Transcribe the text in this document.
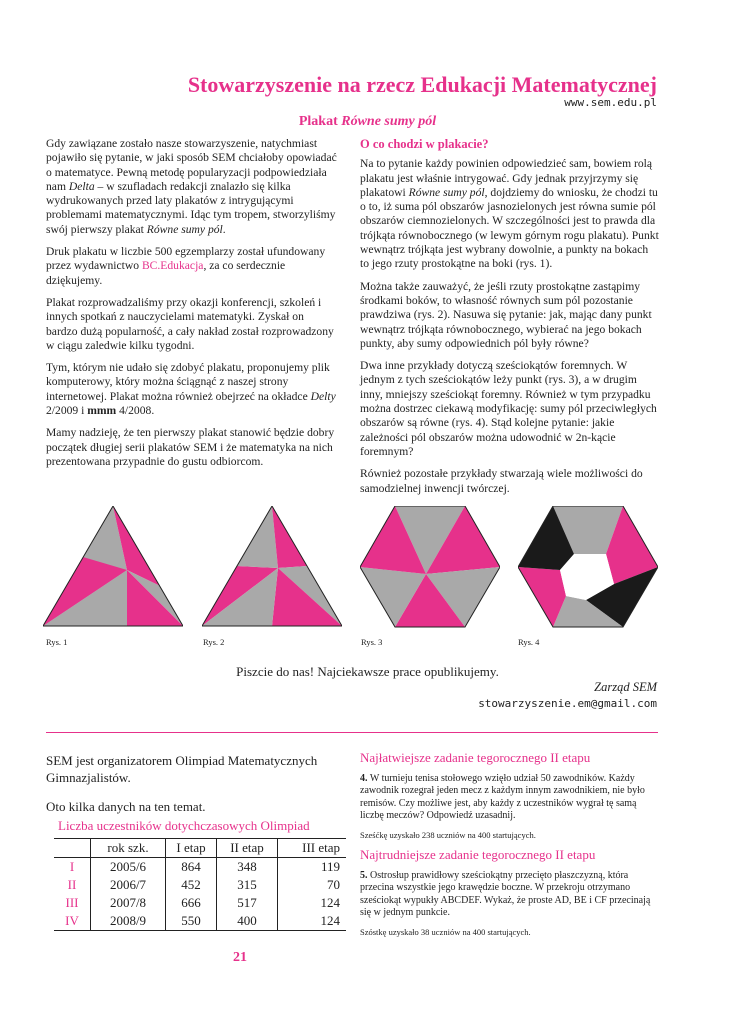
Stowarzyszenie na rzecz Edukacji Matematycznej
www.sem.edu.pl
Plakat Równe sumy pól

Gdy zawiązane zostało nasze stowarzyszenie, natychmiast pojawiło się pytanie, w jaki sposób SEM chciałoby opowiadać o matematyce. Pewną metodę popularyzacji podpowiedziała nam Delta – w szufladach redakcji znalazło się kilka wydrukowanych przed laty plakatów z intrygującymi problemami matematycznymi. Idąc tym tropem, stworzyliśmy swój pierwszy plakat Równe sumy pól.

Druk plakatu w liczbie 500 egzemplarzy został ufundowany przez wydawnictwo BC.Edukacja, za co serdecznie dziękujemy.

Plakat rozprowadzaliśmy przy okazji konferencji, szkoleń i innych spotkań z nauczycielami matematyki. Zyskał on bardzo dużą popularność, a cały nakład został rozprowadzony w ciągu zaledwie kilku tygodni.

Tym, którym nie udało się zdobyć plakatu, proponujemy plik komputerowy, który można ściągnąć z naszej strony internetowej. Plakat można również obejrzeć na okładce Delty 2/2009 i mmm 4/2008.

Mamy nadzieję, że ten pierwszy plakat stanowić będzie dobry początek długiej serii plakatów SEM i że matematyka na nich prezentowana przypadnie do gustu odbiorcom.

O co chodzi w plakacie?

Na to pytanie każdy powinien odpowiedzieć sam, bowiem rolą plakatu jest właśnie intrygować. Gdy jednak przyjrzymy się plakatowi Równe sumy pól, dojdziemy do wniosku, że chodzi tu o to, iż suma pól obszarów jasnozielonych jest równa sumie pól obszarów ciemnozielonych. W szczególności jest to prawda dla trójkąta równobocznego (w lewym górnym rogu plakatu). Punkt wewnątrz trójkąta jest wybrany dowolnie, a punkty na bokach to jego rzuty prostokątne na boki (rys. 1).

Można także zauważyć, że jeśli rzuty prostokątne zastąpimy środkami boków, to własność równych sum pól pozostanie prawdziwa (rys. 2). Nasuwa się pytanie: jak, mając dany punkt wewnątrz trójkąta równobocznego, wybierać na jego bokach punkty, aby sumy odpowiednich pól były równe?

Dwa inne przykłady dotyczą sześciokątów foremnych. W jednym z tych sześciokątów leży punkt (rys. 3), a w drugim inny, mniejszy sześciokąt foremny. Również w tym przypadku można dostrzec ciekawą modyfikację: sumy pól przeciwległych obszarów są równe (rys. 4). Stąd kolejne pytanie: jakie zależności pól obszarów można udowodnić w 2n-kącie foremnym?

Również pozostałe przykłady stwarzają wiele możliwości do samodzielnej inwencji twórczej.

Rys. 1	Rys. 2	Rys. 3	Rys. 4
Piszcie do nas! Najciekawsze prace opublikujemy.
Zarząd SEM
stowarzyszenie.em@gmail.com

SEM jest organizatorem Olimpiad Matematycznych Gimnazjalistów.

Oto kilka danych na ten temat.

Liczba uczestników dotychczasowych Olimpiad
	rok szk.	I etap	II etap	III etap
I	2005/6	864	348	119
II	2006/7	452	315	70
III	2007/8	666	517	124
IV	2008/9	550	400	124
Najłatwiejsze zadanie tegorocznego II etapu

4. W turnieju tenisa stołowego wzięło udział 50 zawodników. Każdy zawodnik rozegrał jeden mecz z każdym innym zawodnikiem, nie było remisów. Czy możliwe jest, aby każdy z uczestników wygrał tę samą liczbę meczów? Odpowiedź uzasadnij.

Sześćkę uzyskało 238 uczniów na 400 startujących.

Najtrudniejsze zadanie tegorocznego II etapu

5. Ostrosłup prawidłowy sześciokątny przecięto płaszczyzną, która przecina wszystkie jego krawędzie boczne. W przekroju otrzymano sześciokąt wypukły ABCDEF. Wykaż, że proste AD, BE i CF przecinają się w jednym punkcie.

Szóstkę uzyskało 38 uczniów na 400 startujących.

21
